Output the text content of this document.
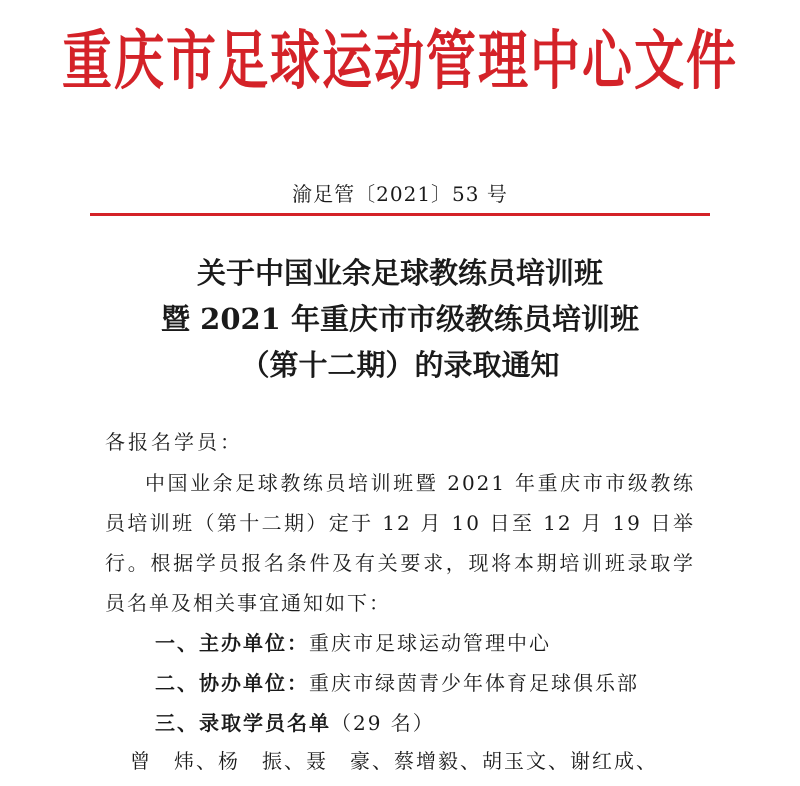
重庆市足球运动管理中心文件
渝足管〔2021〕53 号
关于中国业余足球教练员培训班
暨 2021 年重庆市市级教练员培训班
（第十二期）的录取通知
各报名学员：

中国业余足球教练员培训班暨 2021 年重庆市市级教练员培训班（第十二期）定于 12 月 10 日至 12 月 19 日举行。根据学员报名条件及有关要求，现将本期培训班录取学员名单及相关事宜通知如下：

一、主办单位：重庆市足球运动管理中心
二、协办单位：重庆市绿茵青少年体育足球俱乐部
三、录取学员名单（29 名）
曾　炜、杨　振、聂　豪、蔡增毅、胡玉文、谢红成、
